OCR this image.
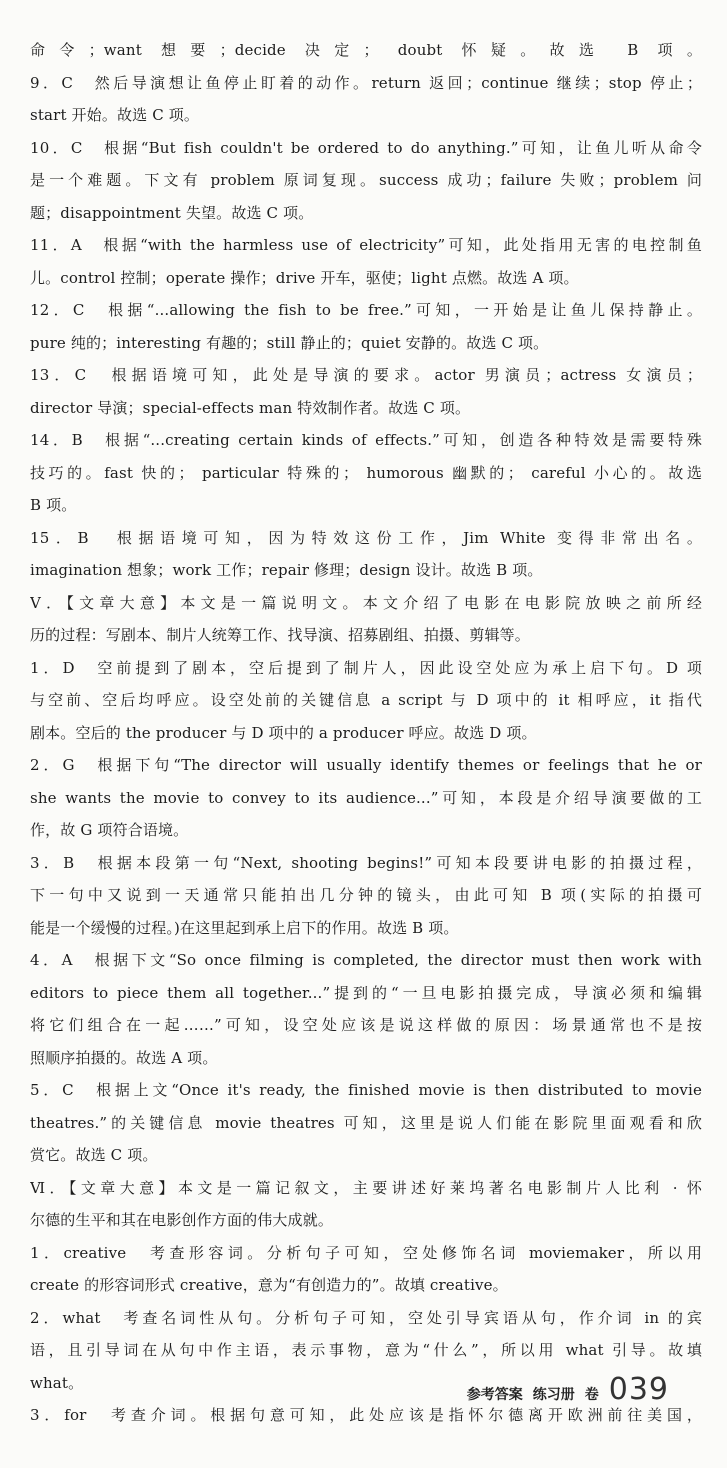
命令；want 想要；decide 决定； doubt 怀疑。故选 B 项。
9．C　然后导演想让鱼停止盯着的动作。return 返回；continue 继续；stop 停止；
start 开始。故选 C 项。
10．C　根据“But fish couldn't be ordered to do anything.”可知，让鱼儿听从命令
是一个难题。下文有 problem 原词复现。success 成功；failure 失败；problem 问
题；disappointment 失望。故选 C 项。
11．A　根据“with the harmless use of electricity”可知，此处指用无害的电控制鱼
儿。control 控制；operate 操作；drive 开车，驱使；light 点燃。故选 A 项。
12．C　根据“...allowing the fish to be free.”可知，一开始是让鱼儿保持静止。
pure 纯的；interesting 有趣的；still 静止的；quiet 安静的。故选 C 项。
13．C　根据语境可知，此处是导演的要求。actor 男演员；actress 女演员；
director 导演；special-effects man 特效制作者。故选 C 项。
14．B　根据“...creating certain kinds of effects.”可知，创造各种特效是需要特殊
技巧的。fast 快的； particular 特殊的； humorous 幽默的； careful 小心的。故选
B 项。
15．B　根据语境可知，因为特效这份工作，Jim White 变得非常出名。
imagination 想象；work 工作；repair 修理；design 设计。故选 B 项。
Ⅴ．【文章大意】本文是一篇说明文。本文介绍了电影在电影院放映之前所经
历的过程：写剧本、制片人统筹工作、找导演、招募剧组、拍摄、剪辑等。
1．D　空前提到了剧本，空后提到了制片人，因此设空处应为承上启下句。D 项
与空前、空后均呼应。设空处前的关键信息 a script 与 D 项中的 it 相呼应，it 指代
剧本。空后的 the producer 与 D 项中的 a producer 呼应。故选 D 项。
2．G　根据下句“The director will usually identify themes or feelings that he or
she wants the movie to convey to its audience...”可知，本段是介绍导演要做的工
作，故 G 项符合语境。
3．B　根据本段第一句“Next, shooting begins!”可知本段要讲电影的拍摄过程，
下一句中又说到一天通常只能拍出几分钟的镜头，由此可知 B 项(实际的拍摄可
能是一个缓慢的过程。)在这里起到承上启下的作用。故选 B 项。
4．A　根据下文“So once filming is completed, the director must then work with
editors to piece them all together...”提到的“一旦电影拍摄完成，导演必须和编辑
将它们组合在一起……”可知，设空处应该是说这样做的原因：场景通常也不是按
照顺序拍摄的。故选 A 项。
5．C　根据上文“Once it's ready, the finished movie is then distributed to movie
theatres.”的关键信息 movie theatres 可知，这里是说人们能在影院里面观看和欣
赏它。故选 C 项。
Ⅵ．【文章大意】本文是一篇记叙文，主要讲述好莱坞著名电影制片人比利 · 怀
尔德的生平和其在电影创作方面的伟大成就。
1．creative　考查形容词。分析句子可知，空处修饰名词 moviemaker，所以用
create 的形容词形式 creative，意为“有创造力的”。故填 creative。
2．what　考查名词性从句。分析句子可知，空处引导宾语从句，作介词 in 的宾
语，且引导词在从句中作主语，表示事物，意为“什么”，所以用 what 引导。故填
what。
3．for　考查介词。根据句意可知，此处应该是指怀尔德离开欧洲前往美国，
参考答案 练习册 卷 039
